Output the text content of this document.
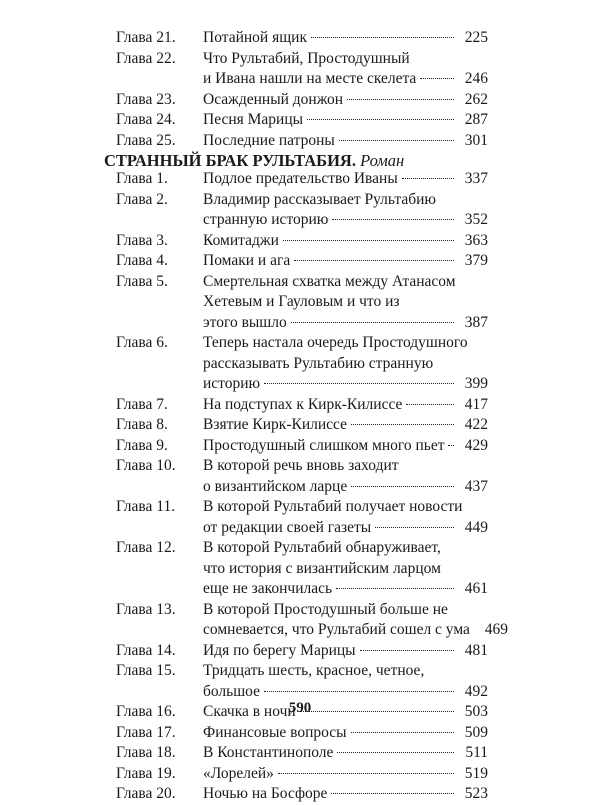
Глава 21. Потайной ящик	225
Глава 22. Что Рультабий, Простодушный
и Ивана нашли на месте скелета	246
Глава 23. Осажденный донжон	262
Глава 24. Песня Марицы	287
Глава 25. Последние патроны	301
Глава 1. Подлое предательство Иваны	337
Глава 2. Владимир рассказывает Рультабию
странную историю	352
Глава 3. Комитаджи	363
Глава 4. Помаки и ага	379
Глава 5. Смертельная схватка между Атанасом
Хетевым и Гауловым и что из
этого вышло	387
Глава 6. Теперь настала очередь Простодушного
рассказывать Рультабию странную
историю	399
Глава 7. На подступах к Кирк-Килиссе	417
Глава 8. Взятие Кирк-Килиссе	422
Глава 9. Простодушный слишком много пьет	429
Глава 10. В которой речь вновь заходит
о византийском ларце	437
Глава 11. В которой Рультабий получает новости
от редакции своей газеты	449
Глава 12. В которой Рультабий обнаруживает,
что история с византийским ларцом
еще не закончилась	461
Глава 13. В которой Простодушный больше не
сомневается, что Рультабий сошел с ума 469
Глава 14. Идя по берегу Марицы	481
Глава 15. Тридцать шесть, красное, четное,
большое	492
Глава 16. Скачка в ночи	503
Глава 17. Финансовые вопросы	509
Глава 18. В Константинополе	511
Глава 19. «Лорелей»	519
Глава 20. Ночью на Босфоре	523
СТРАННЫЙ БРАК РУЛЬТАБИЯ. Роман
590
